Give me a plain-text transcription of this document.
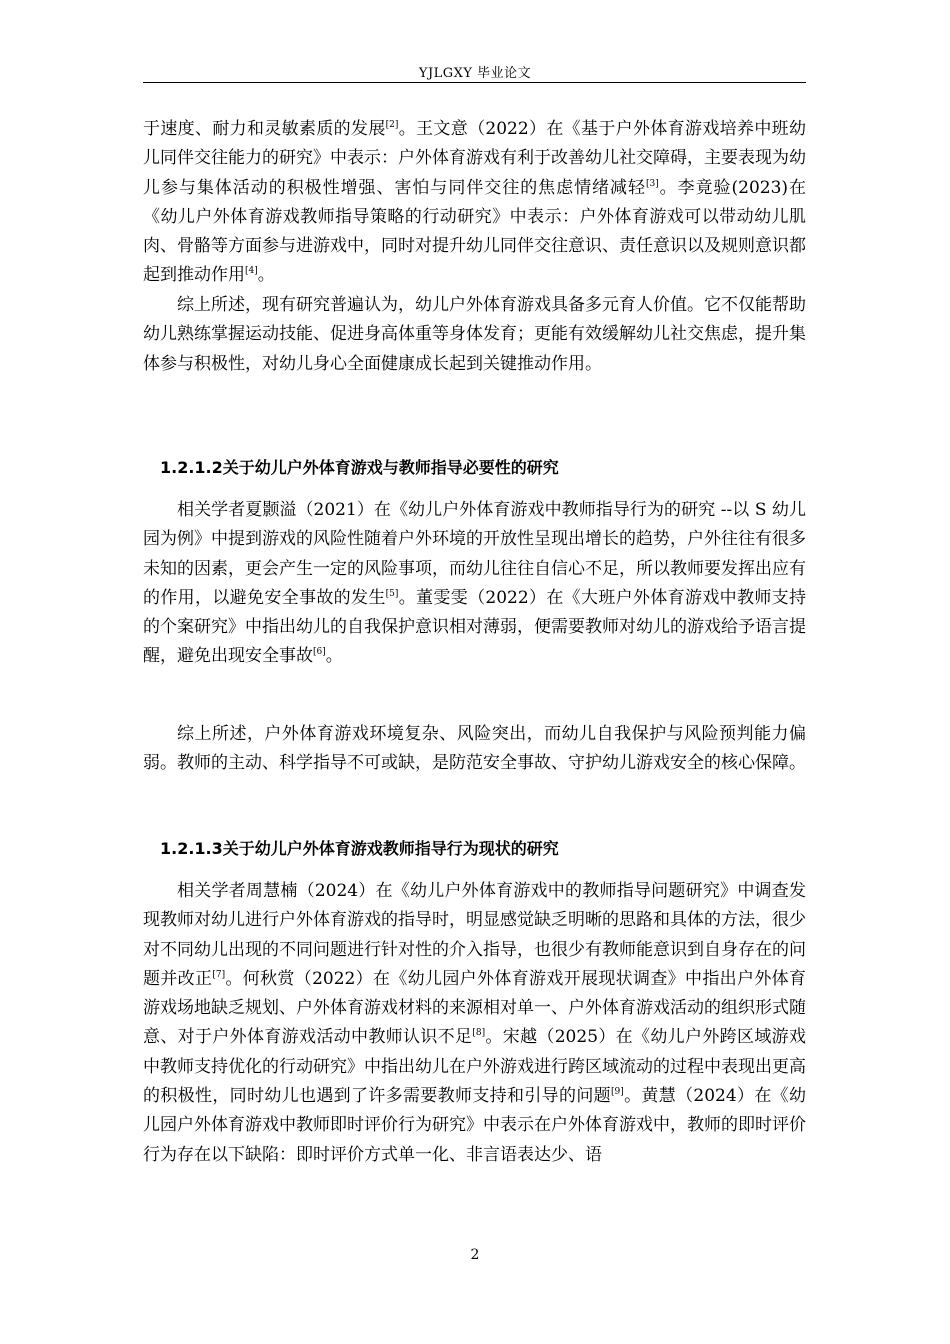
YJLGXY 毕业论文

于速度、耐力和灵敏素质的发展[2]。王文意（2022）在《基于户外体育游戏培养中班幼儿同伴交往能力的研究》中表示：户外体育游戏有利于改善幼儿社交障碍，主要表现为幼儿参与集体活动的积极性增强、害怕与同伴交往的焦虑情绪减轻[3]。李竟验(2023)在《幼儿户外体育游戏教师指导策略的行动研究》中表示：户外体育游戏可以带动幼儿肌肉、骨骼等方面参与进游戏中，同时对提升幼儿同伴交往意识、责任意识以及规则意识都起到推动作用[4]。

综上所述，现有研究普遍认为，幼儿户外体育游戏具备多元育人价值。它不仅能帮助幼儿熟练掌握运动技能、促进身高体重等身体发育；更能有效缓解幼儿社交焦虑，提升集体参与积极性，对幼儿身心全面健康成长起到关键推动作用。

1.2.1.2关于幼儿户外体育游戏与教师指导必要性的研究

相关学者夏颢溢（2021）在《幼儿户外体育游戏中教师指导行为的研究 --以 S 幼儿园为例》中提到游戏的风险性随着户外环境的开放性呈现出增长的趋势，户外往往有很多未知的因素，更会产生一定的风险事项，而幼儿往往自信心不足，所以教师要发挥出应有的作用，以避免安全事故的发生[5]。董雯雯（2022）在《大班户外体育游戏中教师支持的个案研究》中指出幼儿的自我保护意识相对薄弱，便需要教师对幼儿的游戏给予语言提醒，避免出现安全事故[6]。

综上所述，户外体育游戏环境复杂、风险突出，而幼儿自我保护与风险预判能力偏弱。教师的主动、科学指导不可或缺，是防范安全事故、守护幼儿游戏安全的核心保障。

1.2.1.3关于幼儿户外体育游戏教师指导行为现状的研究

相关学者周慧楠（2024）在《幼儿户外体育游戏中的教师指导问题研究》中调查发现教师对幼儿进行户外体育游戏的指导时，明显感觉缺乏明晰的思路和具体的方法，很少对不同幼儿出现的不同问题进行针对性的介入指导，也很少有教师能意识到自身存在的问题并改正[7]。何秋赏（2022）在《幼儿园户外体育游戏开展现状调查》中指出户外体育游戏场地缺乏规划、户外体育游戏材料的来源相对单一、户外体育游戏活动的组织形式随意、对于户外体育游戏活动中教师认识不足[8]。宋越（2025）在《幼儿户外跨区域游戏中教师支持优化的行动研究》中指出幼儿在户外游戏进行跨区域流动的过程中表现出更高的积极性，同时幼儿也遇到了许多需要教师支持和引导的问题[9]。黄慧（2024）在《幼儿园户外体育游戏中教师即时评价行为研究》中表示在户外体育游戏中，教师的即时评价行为存在以下缺陷：即时评价方式单一化、非言语表达少、语

2
